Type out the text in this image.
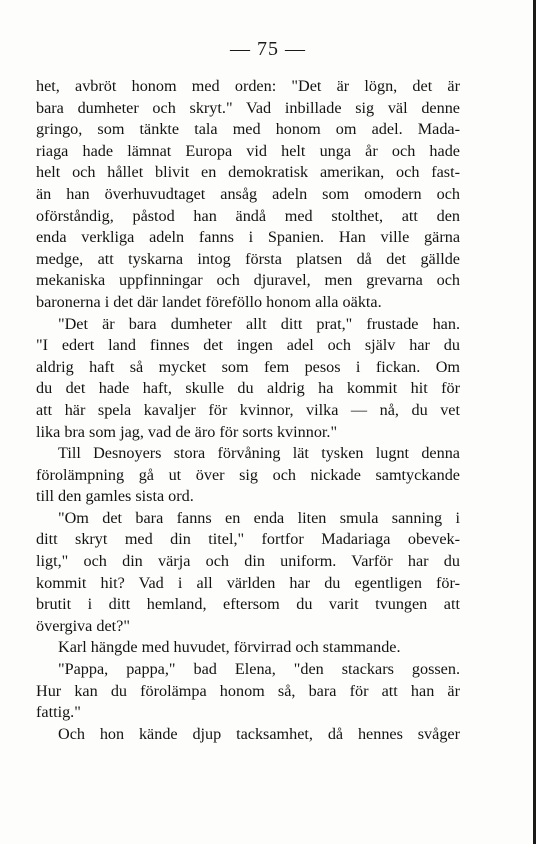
— 75 —
het, avbröt honom med orden: "Det är lögn, det är
bara dumheter och skryt." Vad inbillade sig väl denne
gringo, som tänkte tala med honom om adel. Mada-
riaga hade lämnat Europa vid helt unga år och hade
helt och hållet blivit en demokratisk amerikan, och fast-
än han överhuvudtaget ansåg adeln som omodern och
oförståndig, påstod han ändå med stolthet, att den
enda verkliga adeln fanns i Spanien. Han ville gärna
medge, att tyskarna intog första platsen då det gällde
mekaniska uppfinningar och djuravel, men grevarna och
baronerna i det där landet föreföllo honom alla oäkta.
"Det är bara dumheter allt ditt prat," frustade han.
"I edert land finnes det ingen adel och själv har du
aldrig haft så mycket som fem pesos i fickan. Om
du det hade haft, skulle du aldrig ha kommit hit för
att här spela kavaljer för kvinnor, vilka — nå, du vet
lika bra som jag, vad de äro för sorts kvinnor."
Till Desnoyers stora förvåning lät tysken lugnt denna
förolämpning gå ut över sig och nickade samtyckande
till den gamles sista ord.
"Om det bara fanns en enda liten smula sanning i
ditt skryt med din titel," fortfor Madariaga obevek-
ligt," och din värja och din uniform. Varför har du
kommit hit? Vad i all världen har du egentligen för-
brutit i ditt hemland, eftersom du varit tvungen att
övergiva det?"
Karl hängde med huvudet, förvirrad och stammande.
"Pappa, pappa," bad Elena, "den stackars gossen.
Hur kan du förolämpa honom så, bara för att han är
fattig."
Och hon kände djup tacksamhet, då hennes svåger
